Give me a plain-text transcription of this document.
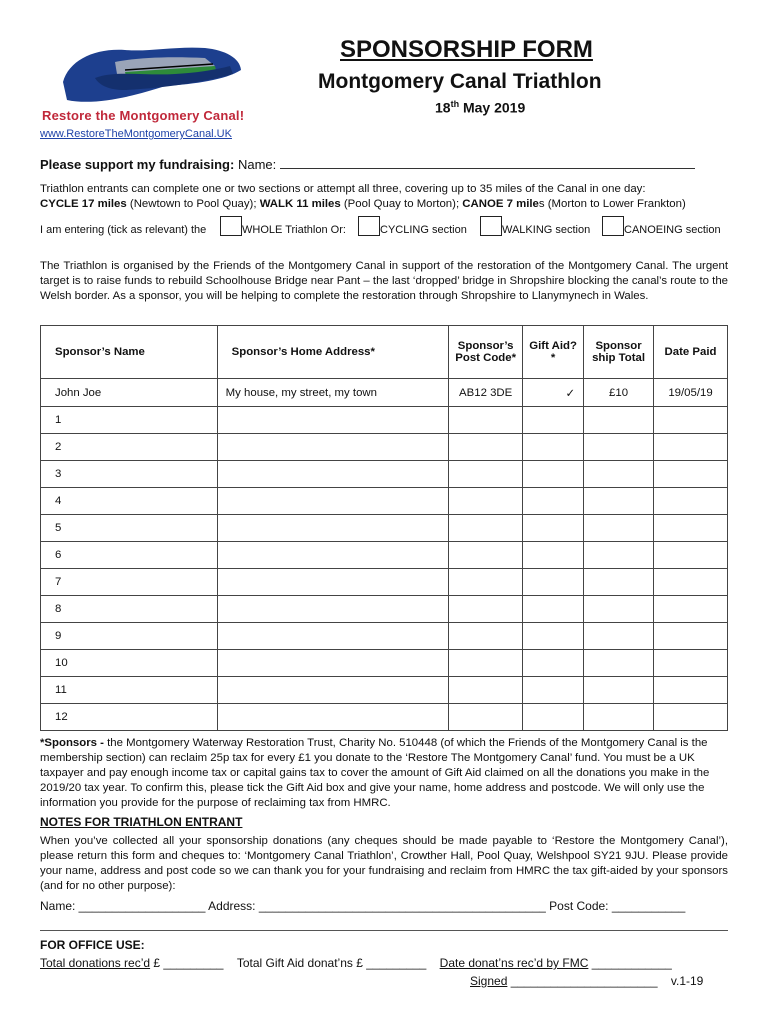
Restore the Montgomery Canal!
www.RestoreTheMontgomeryCanal.UK
SPONSORSHIP FORM
Montgomery Canal Triathlon
18th May 2019
Please support my fundraising: Name:
Triathlon entrants can complete one or two sections or attempt all three, covering up to 35 miles of the Canal in one day:
CYCLE 17 miles (Newtown to Pool Quay); WALK 11 miles (Pool Quay to Morton); CANOE 7 miles (Morton to Lower Frankton)
I am entering (tick as relevant) the	WHOLE Triathlon Or:	CYCLING section	WALKING section	CANOEING section
The Triathlon is organised by the Friends of the Montgomery Canal in support of the restoration of the Montgomery Canal. The urgent target is to raise funds to rebuild Schoolhouse Bridge near Pant – the last ‘dropped’ bridge in Shropshire blocking the canal’s route to the Welsh border. As a sponsor, you will be helping to complete the restoration through Shropshire to Llanymynech in Wales.
Sponsor’s Name	Sponsor’s Home Address*	Sponsor’s Post Code*	Gift Aid?*	Sponsor ship Total	Date Paid
John Joe	My house, my street, my town	AB12 3DE	✓	£10	19/05/19
1					
2					
3					
4					
5					
6					
7					
8					
9					
10					
11					
12					
*Sponsors - the Montgomery Waterway Restoration Trust, Charity No. 510448 (of which the Friends of the Montgomery Canal is the membership section) can reclaim 25p tax for every £1 you donate to the ‘Restore The Montgomery Canal’ fund. You must be a UK taxpayer and pay enough income tax or capital gains tax to cover the amount of Gift Aid claimed on all the donations you make in the 2019/20 tax year. To confirm this, please tick the Gift Aid box and give your name, home address and postcode. We will only use the information you provide for the purpose of reclaiming tax from HMRC.
NOTES FOR TRIATHLON ENTRANT
When you’ve collected all your sponsorship donations (any cheques should be made payable to ‘Restore the Montgomery Canal’), please return this form and cheques to: ‘Montgomery Canal Triathlon’, Crowther Hall, Pool Quay, Welshpool SY21 9JU. Please provide your name, address and post code so we can thank you for your fundraising and reclaim from HMRC the tax gift-aided by your sponsors (and for no other purpose):
Name: ___________________ Address: ___________________________________________ Post Code: ___________
FOR OFFICE USE:
Total donations rec’d £ _________ Total Gift Aid donat’ns £ _________ Date donat’ns rec’d by FMC ____________
Signed ______________________ v.1-19
